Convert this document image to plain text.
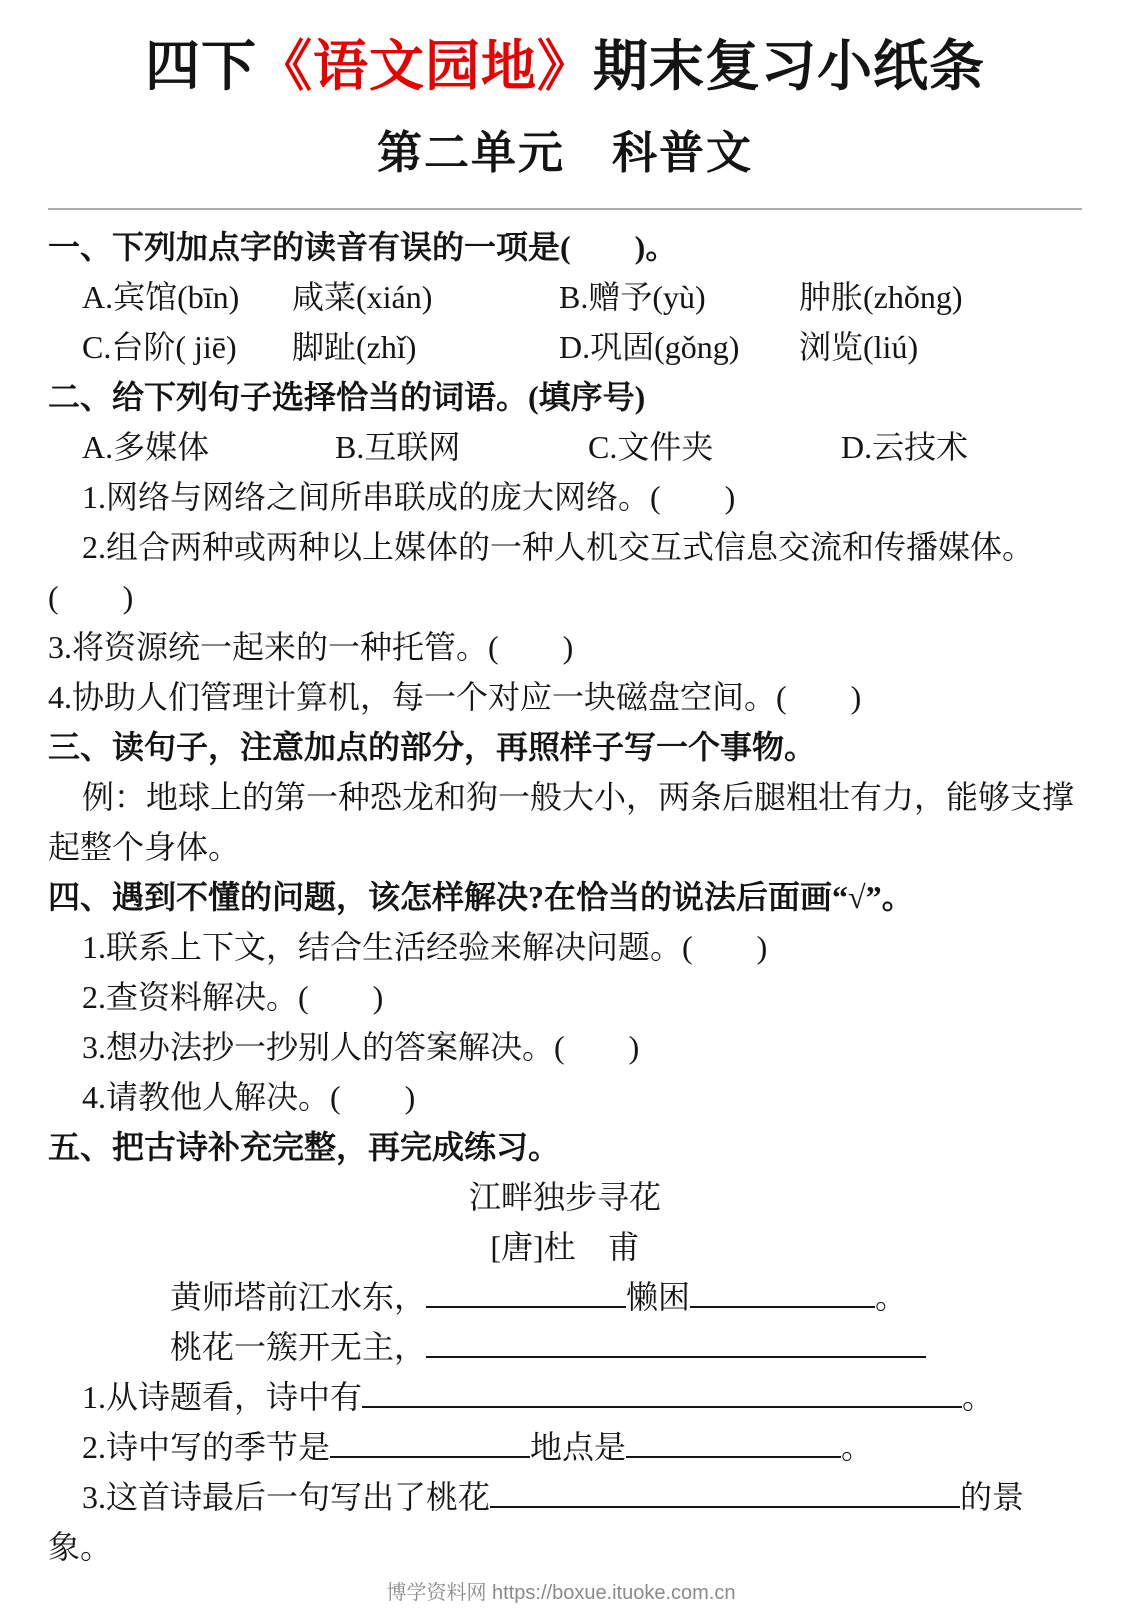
四下《语文园地》期末复习小纸条
第二单元　科普文

一、下列加点字的读音有误的一项是(　　)。

A.宾馆(bīn)	咸菜(xián)	B.赠予(yù)	肿胀(zhǒng)
C.台阶( jiē)	脚趾(zhǐ)	D.巩固(gǒng)	浏览(liú)

二、给下列句子选择恰当的词语。(填序号)

A.多媒体	B.互联网	C.文件夹	D.云技术

1.网络与网络之间所串联成的庞大网络。(　　)

2.组合两种或两种以上媒体的一种人机交互式信息交流和传播媒体。(　　)

3.将资源统一起来的一种托管。(　　)

4.协助人们管理计算机，每一个对应一块磁盘空间。(　　)

三、读句子，注意加点的部分，再照样子写一个事物。

例：地球上的第一种恐龙和狗一般大小，两条后腿粗壮有力，能够支撑起整个身体。

四、遇到不懂的问题，该怎样解决?在恰当的说法后面画“√”。

1.联系上下文，结合生活经验来解决问题。(　　)

2.查资料解决。(　　)

3.想办法抄一抄别人的答案解决。(　　)

4.请教他人解决。(　　)

五、把古诗补充完整，再完成练习。

江畔独步寻花

[唐]杜　甫

黄师塔前江水东，	懒困	。

桃花一簇开无主，

1.从诗题看，诗中有	。

2.诗中写的季节是	地点是	。

3.这首诗最后一句写出了桃花	的景象。

博学资料网 https://boxue.ituoke.com.cn
